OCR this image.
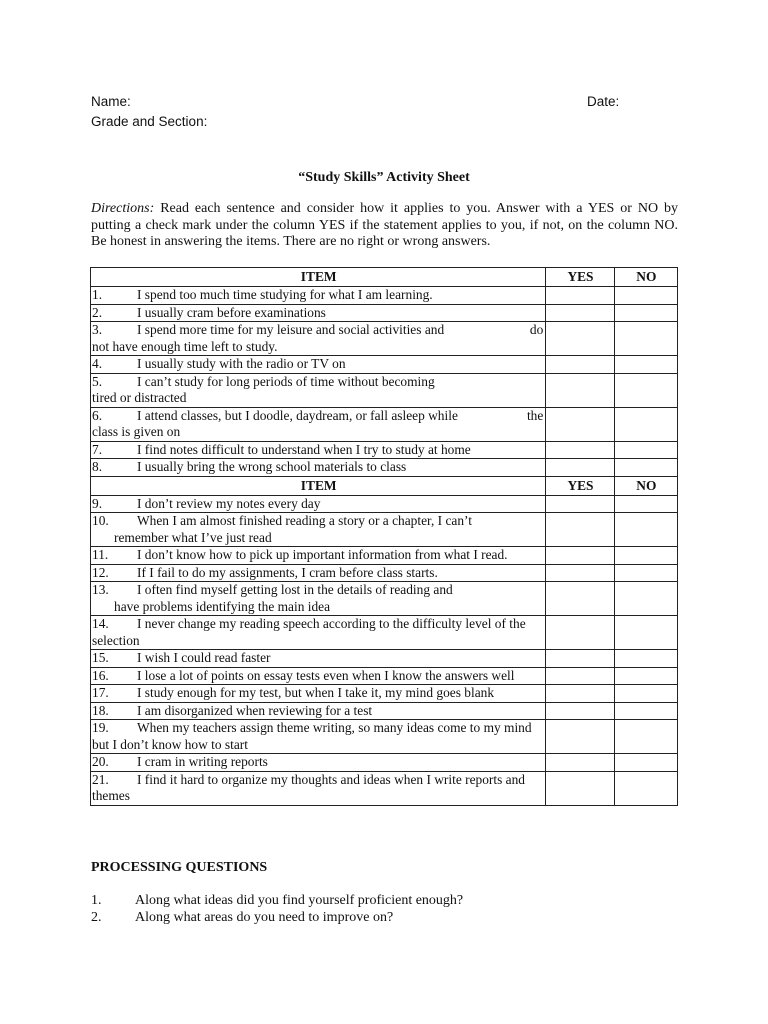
Name:	Date:
Grade and Section:
“Study Skills” Activity Sheet
Directions: Read each sentence and consider how it applies to you. Answer with a YES or NO by putting a check mark under the column YES if the statement applies to you, if not, on the column NO. Be honest in answering the items. There are no right or wrong answers.
ITEM	YES	NO
1. I spend too much time studying for what I am learning.		
2. I usually cram before examinations		
3. do
I spend more time for my leisure and social activities and
not have enough time left to study.		

4. I usually study with the radio or TV on		
5. I can’t study for long periods of time without becoming
tired or distracted		

6. the
I attend classes, but I doodle, daydream, or fall asleep while
class is given on		

7. I find notes difficult to understand when I try to study at home		
8. I usually bring the wrong school materials to class		
ITEM	YES	NO
9. I don’t review my notes every day		
10. When I am almost finished reading a story or a chapter, I can’t
remember what I’ve just read		

11. I don’t know how to pick up important information from what I read.		
12. If I fail to do my assignments, I cram before class starts.		
13. I often find myself getting lost in the details of reading and
have problems identifying the main idea		

14. I never change my reading speech according to the difficulty level of the
selection		

15. I wish I could read faster		
16. I lose a lot of points on essay tests even when I know the answers well		
17. I study enough for my test, but when I take it, my mind goes blank		
18. I am disorganized when reviewing for a test		
19. When my teachers assign theme writing, so many ideas come to my mind
but I don’t know how to start		

20. I cram in writing reports		
21. I find it hard to organize my thoughts and ideas when I write reports and
themes		

PROCESSING QUESTIONS
1. Along what ideas did you find yourself proficient enough?
2. Along what areas do you need to improve on?
